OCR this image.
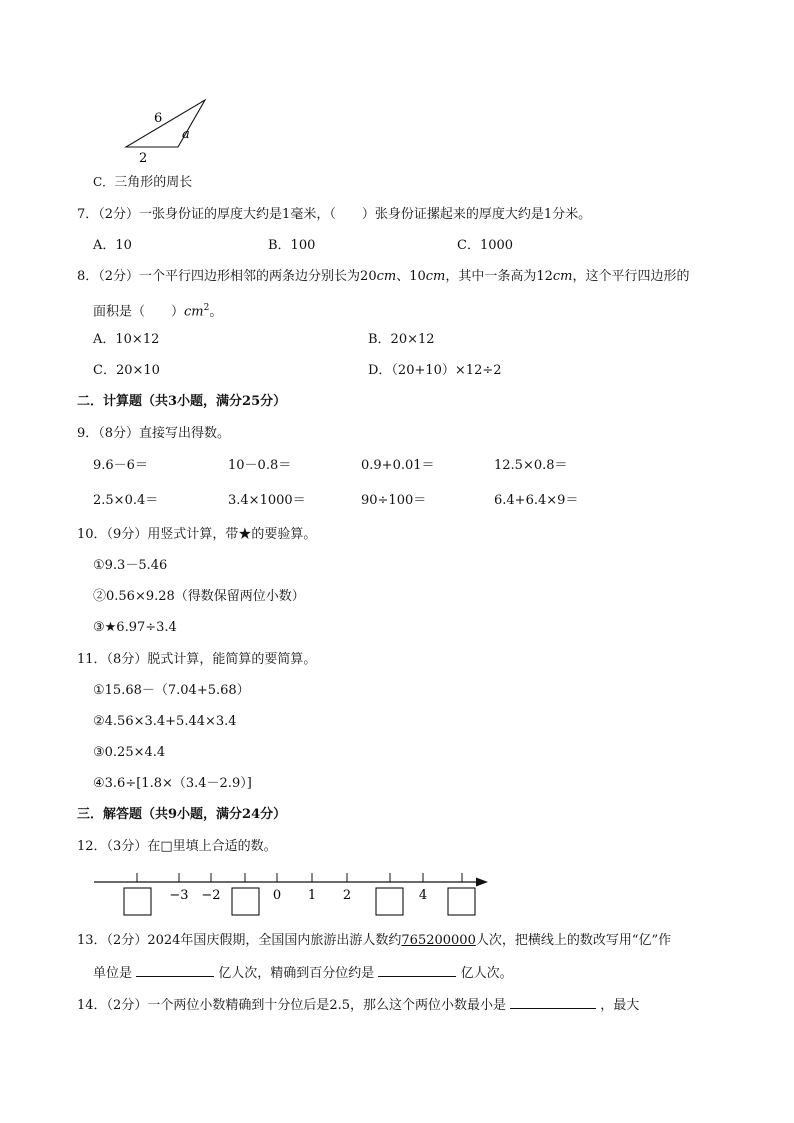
6
a
2
C．三角形的周长
7．（2分）一张身份证的厚度大约是1毫米，（　　）张身份证摞起来的厚度大约是1分米。
A．10	B．100	C．1000
8．（2分）一个平行四边形相邻的两条边分别长为20cm、10cm，其中一条高为12cm，这个平行四边形的
面积是（　　）$cm^2$。
A．10×12	B．20×12
C．20×10	D．（20+10）×12÷2
二．计算题（共3小题，满分25分）
9．（8分）直接写出得数。
9.6－6＝	10－0.8＝	0.9+0.01＝	12.5×0.8＝
2.5×0.4＝	3.4×1000＝	90÷100＝	6.4+6.4×9＝
10．（9分）用竖式计算，带★的要验算。
①9.3－5.46
②0.56×9.28（得数保留两位小数）
③★6.97÷3.4
11．（8分）脱式计算，能简算的要简算。
①15.68－（7.04+5.68）
②4.56×3.4+5.44×3.4
③0.25×4.4
④3.6÷[1.8×（3.4－2.9）]
三．解答题（共9小题，满分24分）
12．（3分）在□里填上合适的数。
−3 −2	0 1 2	4
13．（2分）2024年国庆假期，全国国内旅游出游人数约765200000人次，把横线上的数改写用“亿”作
单位是	亿人次，精确到百分位约是	亿人次。
14．（2分）一个两位小数精确到十分位后是2.5，那么这个两位小数最小是	，最大
